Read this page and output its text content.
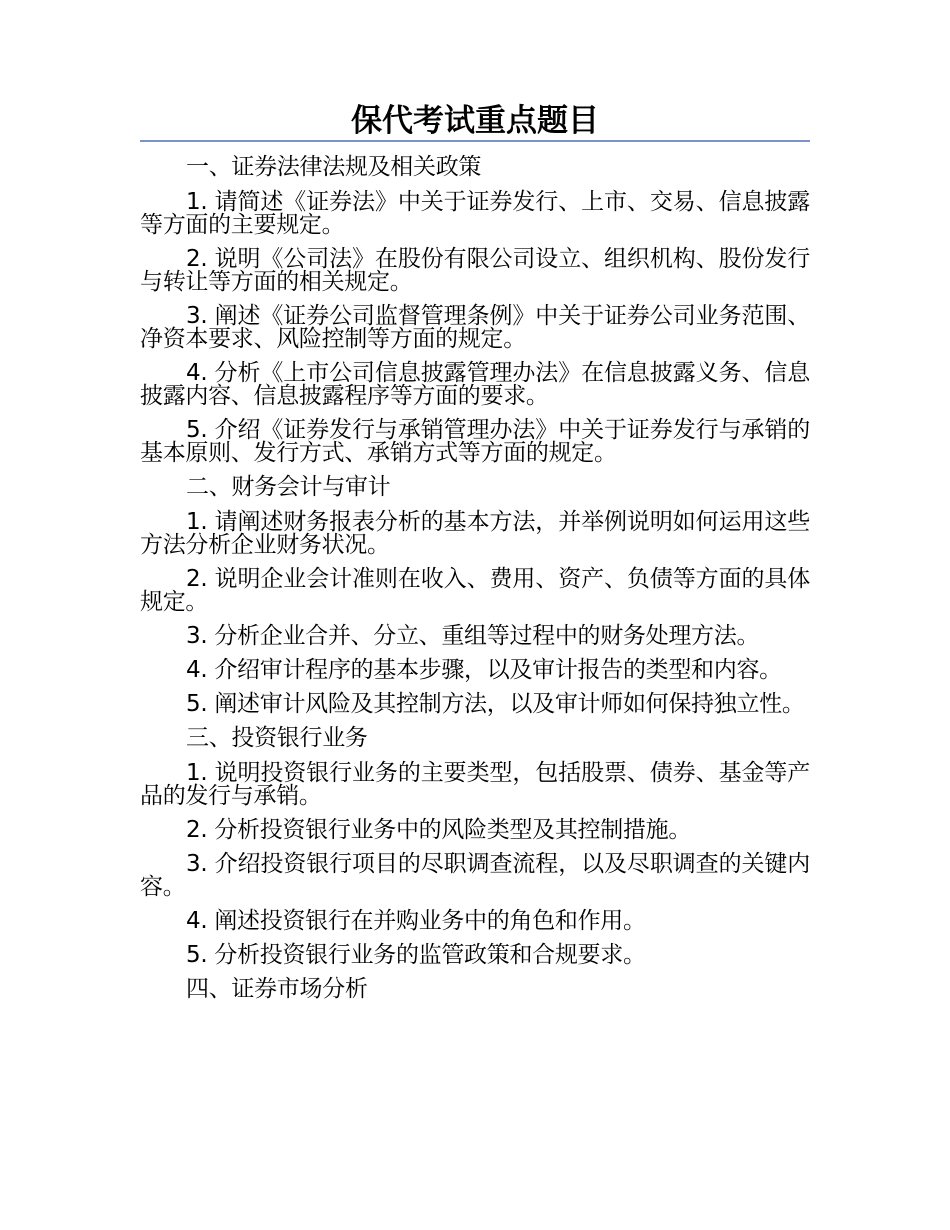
保代考试重点题目

一、证券法律法规及相关政策

1. 请简述《证券法》中关于证券发行、上市、交易、信息披露等方面的主要规定。

2. 说明《公司法》在股份有限公司设立、组织机构、股份发行与转让等方面的相关规定。

3. 阐述《证券公司监督管理条例》中关于证券公司业务范围、净资本要求、风险控制等方面的规定。

4. 分析《上市公司信息披露管理办法》在信息披露义务、信息披露内容、信息披露程序等方面的要求。

5. 介绍《证券发行与承销管理办法》中关于证券发行与承销的基本原则、发行方式、承销方式等方面的规定。

二、财务会计与审计

1. 请阐述财务报表分析的基本方法，并举例说明如何运用这些方法分析企业财务状况。

2. 说明企业会计准则在收入、费用、资产、负债等方面的具体规定。

3. 分析企业合并、分立、重组等过程中的财务处理方法。

4. 介绍审计程序的基本步骤，以及审计报告的类型和内容。

5. 阐述审计风险及其控制方法，以及审计师如何保持独立性。

三、投资银行业务

1. 说明投资银行业务的主要类型，包括股票、债券、基金等产品的发行与承销。

2. 分析投资银行业务中的风险类型及其控制措施。

3. 介绍投资银行项目的尽职调查流程，以及尽职调查的关键内容。

4. 阐述投资银行在并购业务中的角色和作用。

5. 分析投资银行业务的监管政策和合规要求。

四、证券市场分析
